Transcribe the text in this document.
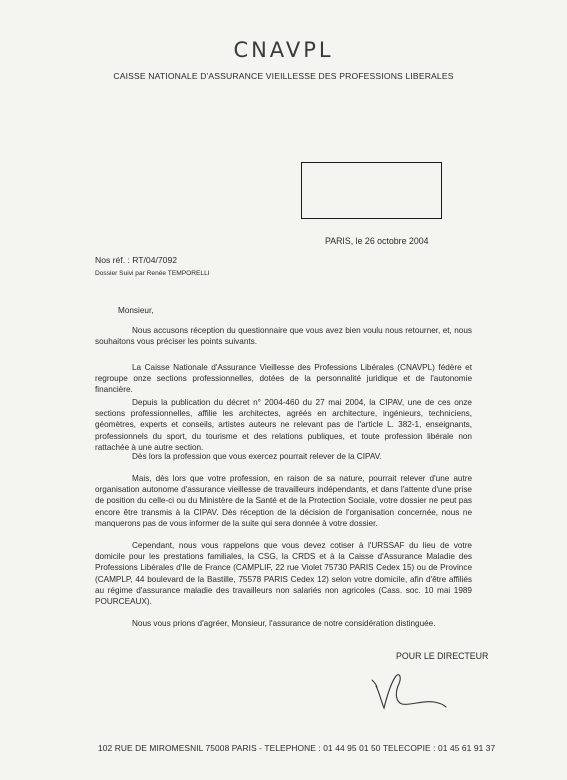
CNAVPL
CAISSE NATIONALE D'ASSURANCE VIEILLESSE DES PROFESSIONS LIBERALES
PARIS, le 26 octobre 2004
Nos réf. : RT/04/7092
Dossier Suivi par Renée TEMPORELLI
Monsieur,

Nous accusons réception du questionnaire que vous avez bien voulu nous retourner, et, nous souhaitons vous préciser les points suivants.

La Caisse Nationale d'Assurance Vieillesse des Professions Libérales (CNAVPL) fédère et regroupe onze sections professionnelles, dotées de la personnalité juridique et de l'autonomie financière.

Depuis la publication du décret n° 2004-460 du 27 mai 2004, la CIPAV, une de ces onze sections professionnelles, affilie les architectes, agréés en architecture, ingénieurs, techniciens, géomètres, experts et conseils, artistes auteurs ne relevant pas de l'article L. 382-1, enseignants, professionnels du sport, du tourisme et des relations publiques, et toute profession libérale non rattachée à une autre section.

Dès lors la profession que vous exercez pourrait relever de la CIPAV.

Mais, dès lors que votre profession, en raison de sa nature, pourrait relever d'une autre organisation autonome d'assurance vieillesse de travailleurs indépendants, et dans l'attente d'une prise de position du celle-ci ou du Ministère de la Santé et de la Protection Sociale, votre dossier ne peut pas encore être transmis à la CIPAV. Dès réception de la décision de l'organisation concernée, nous ne manquerons pas de vous informer de la suite qui sera donnée à votre dossier.

Cependant, nous vous rappelons que vous devez cotiser à l'URSSAF du lieu de votre domicile pour les prestations familiales, la CSG, la CRDS et à la Caisse d'Assurance Maladie des Professions Libérales d'Ile de France (CAMPLIF, 22 rue Violet 75730 PARIS Cedex 15) ou de Province (CAMPLP, 44 boulevard de la Bastille, 75578 PARIS Cedex 12) selon votre domicile, afin d'être affiliés au régime d'assurance maladie des travailleurs non salariés non agricoles (Cass. soc. 10 mai 1989 POURCEAUX).

Nous vous prions d'agréer, Monsieur, l'assurance de notre considération distinguée.

POUR LE DIRECTEUR
102 RUE DE MIROMESNIL 75008 PARIS - TELEPHONE : 01 44 95 01 50 TELECOPIE : 01 45 61 91 37
